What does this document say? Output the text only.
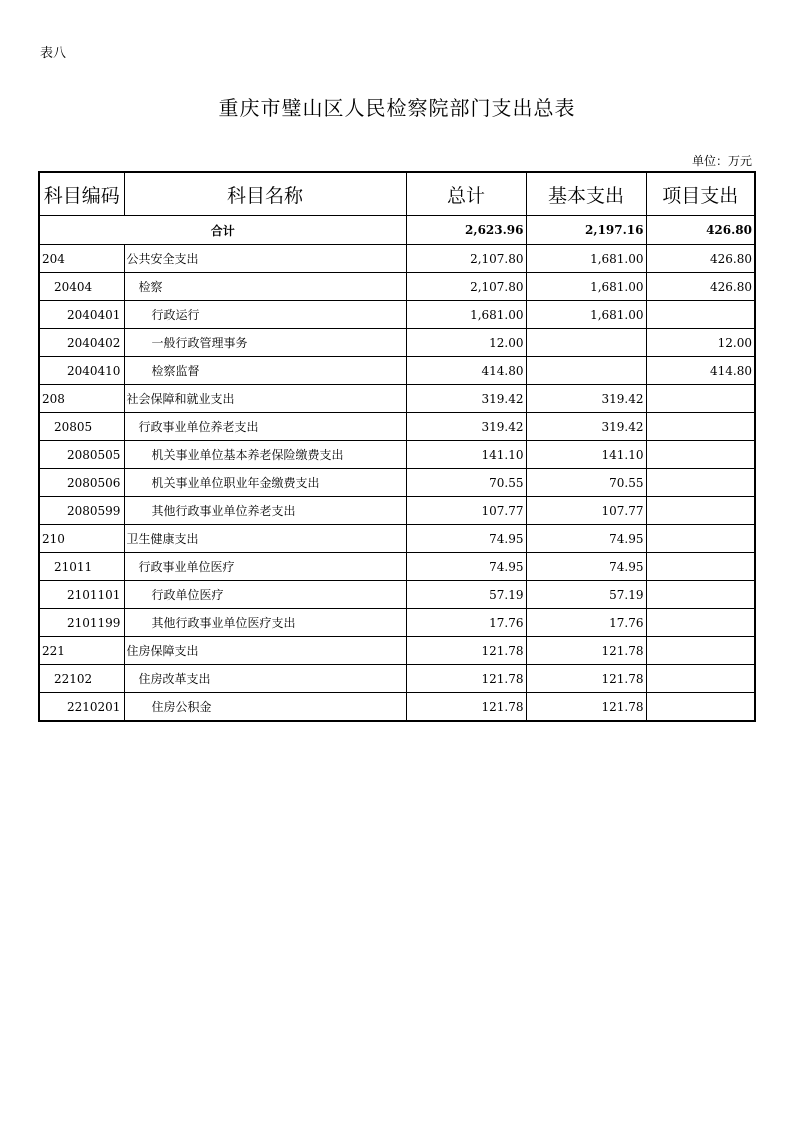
表八
重庆市璧山区人民检察院部门支出总表
单位：万元
科目编码	科目名称	总计	基本支出	项目支出
合计		2,623.96	2,197.16	426.80
204	公共安全支出	2,107.80	1,681.00	426.80
20404	检察	2,107.80	1,681.00	426.80
2040401	行政运行	1,681.00	1,681.00	
2040402	一般行政管理事务	12.00		12.00
2040410	检察监督	414.80		414.80
208	社会保障和就业支出	319.42	319.42	
20805	行政事业单位养老支出	319.42	319.42	
2080505	机关事业单位基本养老保险缴费支出	141.10	141.10	
2080506	机关事业单位职业年金缴费支出	70.55	70.55	
2080599	其他行政事业单位养老支出	107.77	107.77	
210	卫生健康支出	74.95	74.95	
21011	行政事业单位医疗	74.95	74.95	
2101101	行政单位医疗	57.19	57.19	
2101199	其他行政事业单位医疗支出	17.76	17.76	
221	住房保障支出	121.78	121.78	
22102	住房改革支出	121.78	121.78	
2210201	住房公积金	121.78	121.78	
